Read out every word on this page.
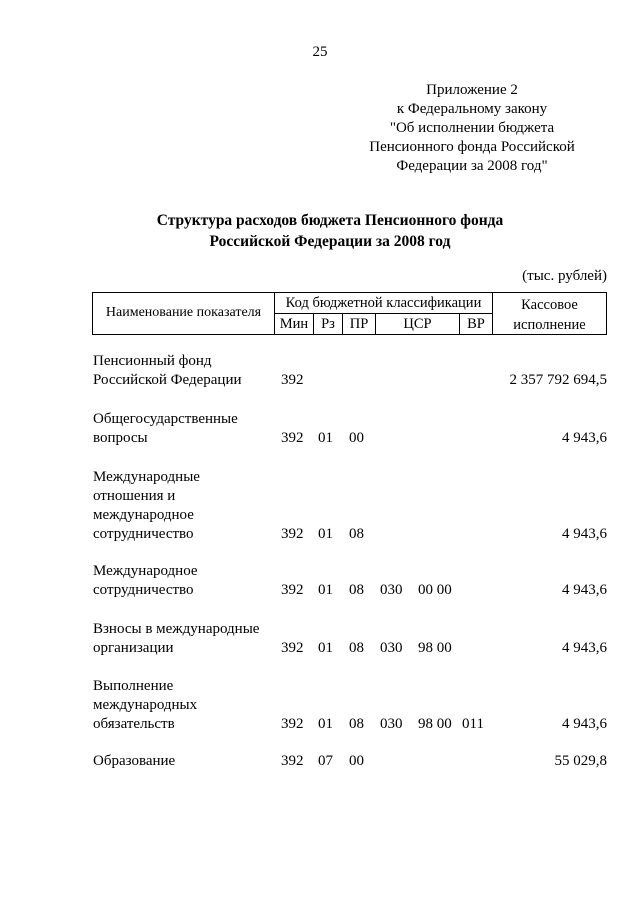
25
Приложение 2
к Федеральному закону
"Об исполнении бюджета
Пенсионного фонда Российской
Федерации за 2008 год"
Структура расходов бюджета Пенсионного фонда
Российской Федерации за 2008 год
(тыс. рублей)
Наименование показателя
Код бюджетной классификации
Мин Рз	ПР	ЦСР	ВР
Кассовое
исполнение
Пенсионный фонд
Российской Федерации	392	2 357 792 694,5
Общегосударственные
вопросы	392 01 00	4 943,6
Международные
отношения и
международное
сотрудничество	392 01 08	4 943,6
Международное
сотрудничество	392 01 08 030 00 00	4 943,6
Взносы в международные
организации	392 01 08 030 98 00	4 943,6
Выполнение
международных
обязательств	392 01 08 030 98 00 011	4 943,6
Образование	392 07 00	55 029,8
